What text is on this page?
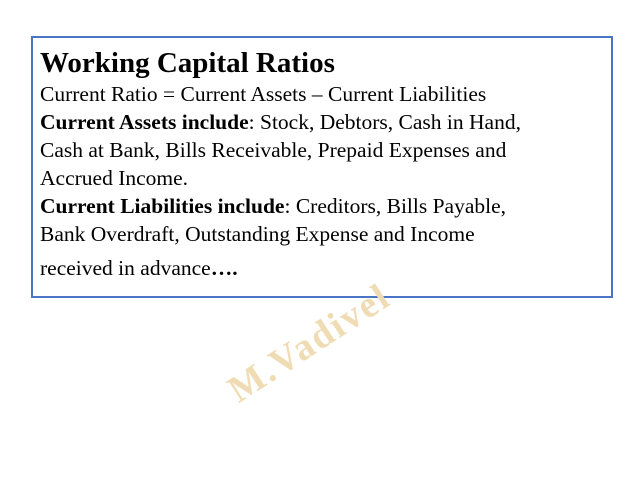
Working Capital Ratios
Current Ratio = Current Assets – Current Liabilities
Current Assets include: Stock, Debtors, Cash in Hand,
Cash at Bank, Bills Receivable, Prepaid Expenses and
Accrued Income.
Current Liabilities include: Creditors, Bills Payable,
Bank Overdraft, Outstanding Expense and Income
received in advance….
M.Vadivel
